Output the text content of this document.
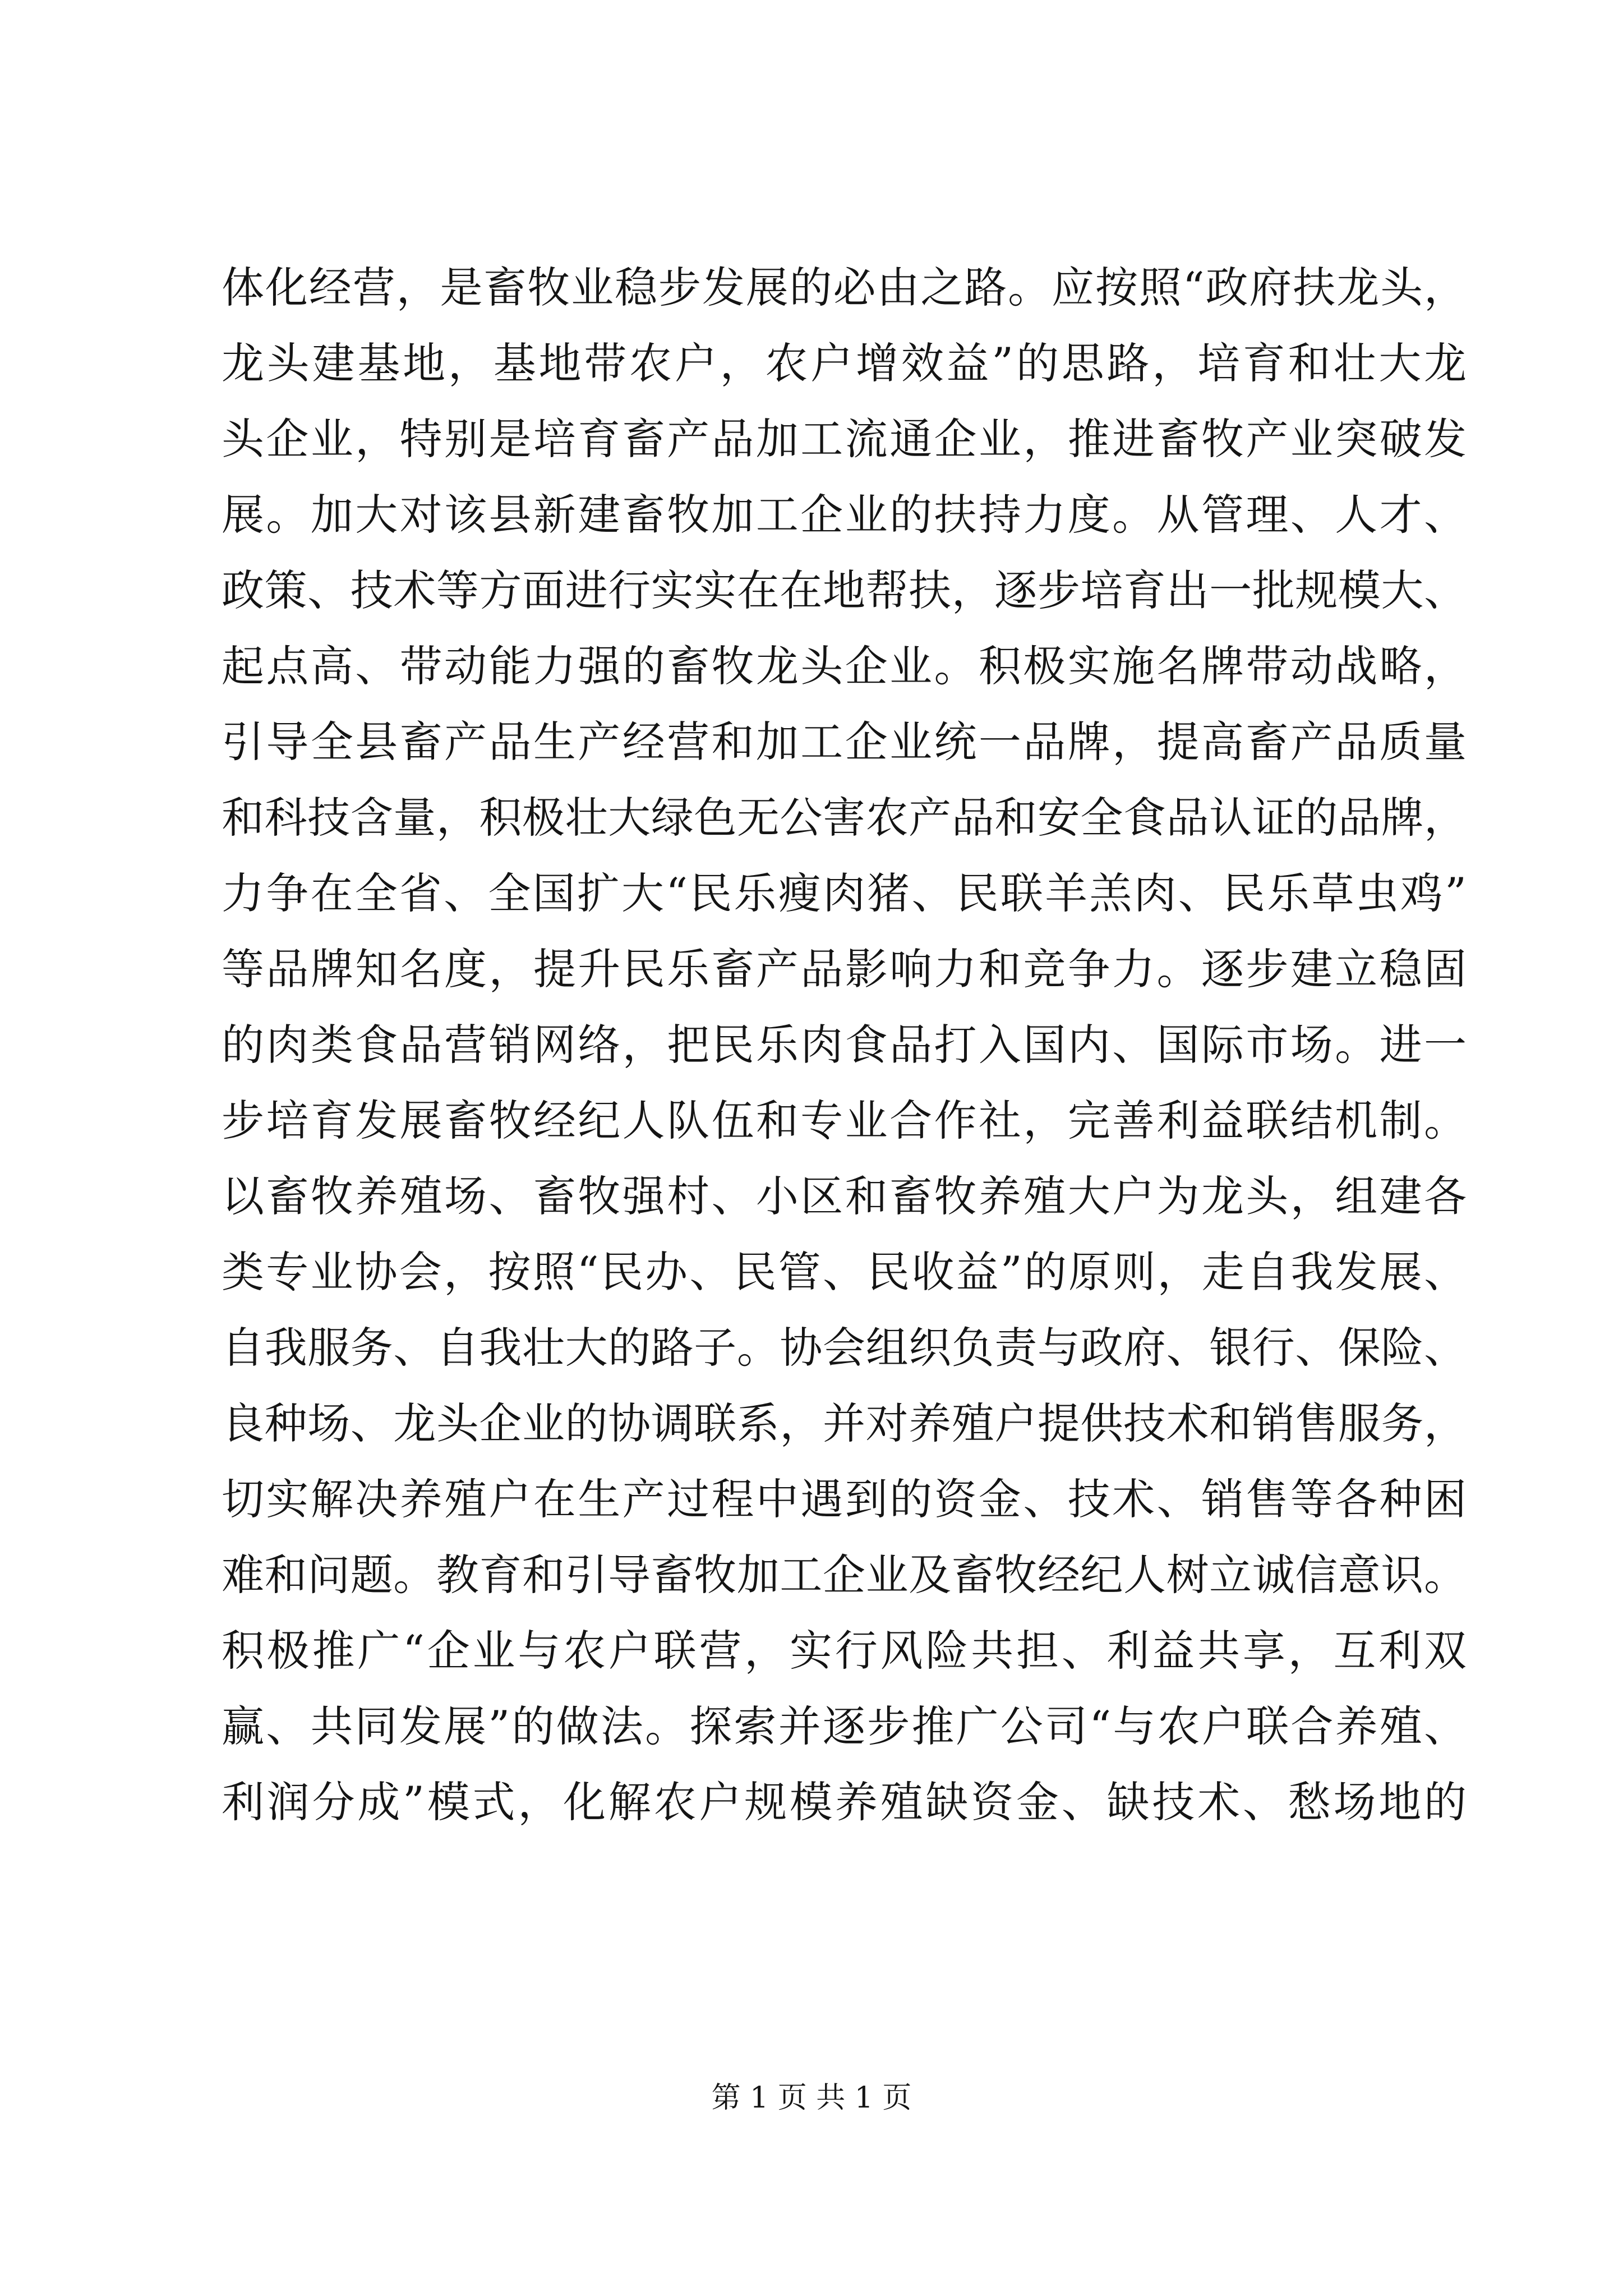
体化经营，是畜牧业稳步发展的必由之路。应按照“政府扶龙头，
龙头建基地，基地带农户，农户增效益”的思路，培育和壮大龙
头企业，特别是培育畜产品加工流通企业，推进畜牧产业突破发
展。加大对该县新建畜牧加工企业的扶持力度。从管理、人才、
政策、技术等方面进行实实在在地帮扶，逐步培育出一批规模大、
起点高、带动能力强的畜牧龙头企业。积极实施名牌带动战略，
引导全县畜产品生产经营和加工企业统一品牌，提高畜产品质量
和科技含量，积极壮大绿色无公害农产品和安全食品认证的品牌，
力争在全省、全国扩大“民乐瘦肉猪、民联羊羔肉、民乐草虫鸡”
等品牌知名度，提升民乐畜产品影响力和竞争力。逐步建立稳固
的肉类食品营销网络，把民乐肉食品打入国内、国际市场。进一
步培育发展畜牧经纪人队伍和专业合作社，完善利益联结机制。
以畜牧养殖场、畜牧强村、小区和畜牧养殖大户为龙头，组建各
类专业协会，按照“民办、民管、民收益”的原则，走自我发展、
自我服务、自我壮大的路子。协会组织负责与政府、银行、保险、
良种场、龙头企业的协调联系，并对养殖户提供技术和销售服务，
切实解决养殖户在生产过程中遇到的资金、技术、销售等各种困
难和问题。教育和引导畜牧加工企业及畜牧经纪人树立诚信意识。
积极推广“企业与农户联营，实行风险共担、利益共享，互利双
赢、共同发展”的做法。探索并逐步推广公司“与农户联合养殖、
利润分成”模式，化解农户规模养殖缺资金、缺技术、愁场地的
第 1 页 共 1 页
